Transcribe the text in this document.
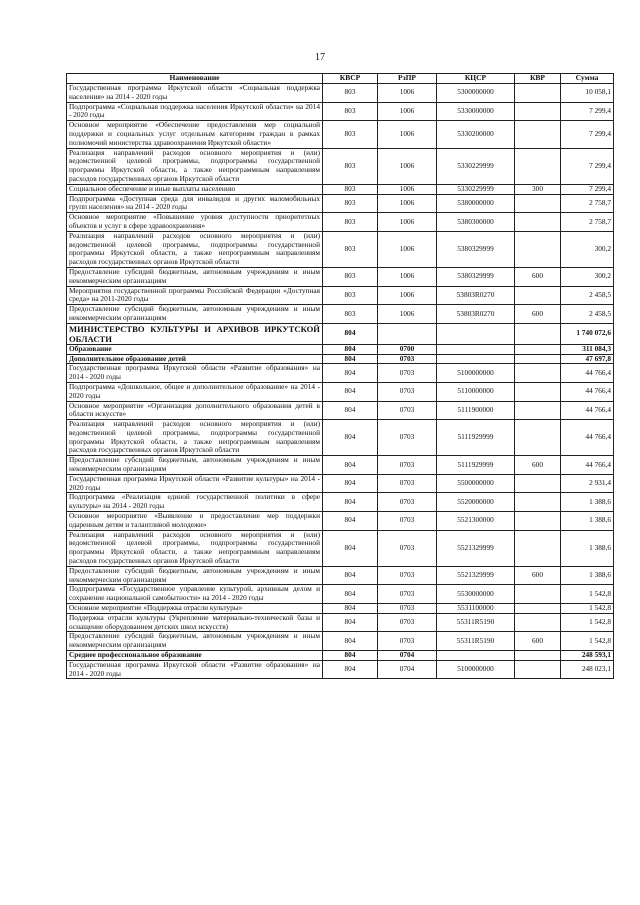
17
Наименование	КВСР	РзПР	КЦСР	КВР	Сумма
Государственная программа Иркутской области «Социальная поддержка населения» на 2014 - 2020 годы	803	1006	5300000000		10 058,1
Подпрограмма «Социальная поддержка населения Иркутской области» на 2014 - 2020 годы	803	1006	5330000000		7 299,4
Основное мероприятие «Обеспечение предоставления мер социальной поддержки и социальных услуг отдельным категориям граждан в рамках полномочий министерства здравоохранения Иркутской области»	803	1006	5330200000		7 299,4
Реализация направлений расходов основного мероприятия и (или) ведомственной целевой программы, подпрограммы государственной программы Иркутской области, а также непрограммным направлениям расходов государственных органов Иркутской области	803	1006	5330229999		7 299,4
Социальное обеспечение и иные выплаты населению	803	1006	5330229999	300	7 299,4
Подпрограмма «Доступная среда для инвалидов и других маломобильных групп населения» на 2014 - 2020 годы	803	1006	5380000000		2 758,7
Основное мероприятие «Повышение уровня доступности приоритетных объектов и услуг в сфере здравоохранения»	803	1006	5380300000		2 758,7
Реализация направлений расходов основного мероприятия и (или) ведомственной целевой программы, подпрограммы государственной программы Иркутской области, а также непрограммным направлениям расходов государственных органов Иркутской области	803	1006	5380329999		300,2
Предоставление субсидий бюджетным, автономным учреждениям и иным некоммерческим организациям	803	1006	5380329999	600	300,2
Мероприятия государственной программы Российской Федерации «Доступная среда» на 2011-2020 годы	803	1006	53803R0270		2 458,5
Предоставление субсидий бюджетным, автономным учреждениям и иным некоммерческим организациям	803	1006	53803R0270	600	2 458,5
МИНИСТЕРСТВО КУЛЬТУРЫ И АРХИВОВ ИРКУТСКОЙ ОБЛАСТИ	804				1 740 072,6
Образование	804	0700			311 084,3
Дополнительное образование детей	804	0703			47 697,8
Государственная программа Иркутской области «Развитие образования» на 2014 - 2020 годы	804	0703	5100000000		44 766,4
Подпрограмма «Дошкольное, общее и дополнительное образование» на 2014 - 2020 годы	804	0703	5110000000		44 766,4
Основное мероприятие «Организация дополнительного образования детей в области искусств»	804	0703	5111900000		44 766,4
Реализация направлений расходов основного мероприятия и (или) ведомственной целевой программы, подпрограммы государственной программы Иркутской области, а также непрограммным направлениям расходов государственных органов Иркутской области	804	0703	5111929999		44 766,4
Предоставление субсидий бюджетным, автономным учреждениям и иным некоммерческим организациям	804	0703	5111929999	600	44 766,4
Государственная программа Иркутской области «Развитие культуры» на 2014 - 2020 годы	804	0703	5500000000		2 931,4
Подпрограмма «Реализация единой государственной политики в сфере культуры» на 2014 - 2020 годы	804	0703	5520000000		1 388,6
Основное мероприятие «Выявление и предоставление мер поддержки одаренным детям и талантливой молодежи»	804	0703	5521300000		1 388,6
Реализация направлений расходов основного мероприятия и (или) ведомственной целевой программы, подпрограммы государственной программы Иркутской области, а также непрограммным направлениям расходов государственных органов Иркутской области	804	0703	5521329999		1 388,6
Предоставление субсидий бюджетным, автономным учреждениям и иным некоммерческим организациям	804	0703	5521329999	600	1 388,6
Подпрограмма «Государственное управление культурой, архивным делом и сохранение национальной самобытности» на 2014 - 2020 годы	804	0703	5530000000		1 542,8
Основное мероприятие «Поддержка отрасли культуры»	804	0703	5531100000		1 542,8
Поддержка отрасли культуры (Укрепление материально-технической базы и оснащение оборудованием детских школ искусств)	804	0703	55311R5190		1 542,8
Предоставление субсидий бюджетным, автономным учреждениям и иным некоммерческим организациям	804	0703	55311R5190	600	1 542,8
Среднее профессиональное образование	804	0704			248 593,1
Государственная программа Иркутской области «Развитие образования» на 2014 - 2020 годы	804	0704	5100000000		248 023,1
